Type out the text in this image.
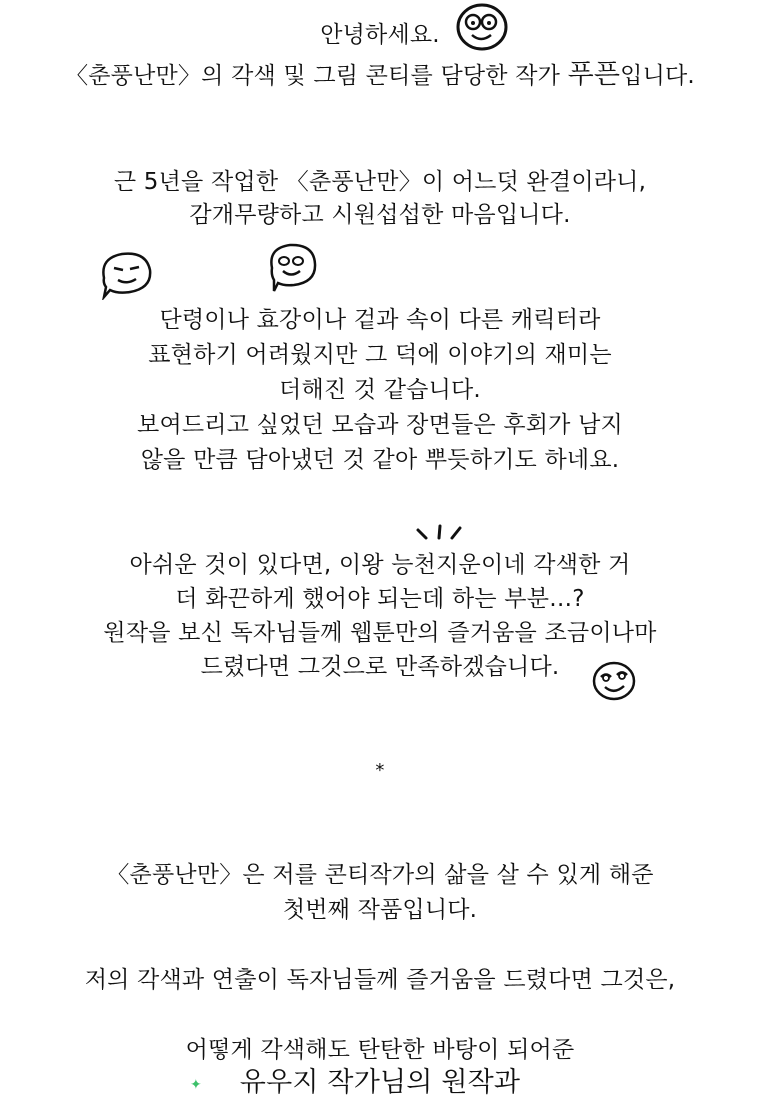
안녕하세요.
〈춘풍난만〉의 각색 및 그림 콘티를 담당한 작가 푸픈입니다.
근 5년을 작업한 〈춘풍난만〉이 어느덧 완결이라니,
감개무량하고 시원섭섭한 마음입니다.
단령이나 효강이나 겉과 속이 다른 캐릭터라
표현하기 어려웠지만 그 덕에 이야기의 재미는
더해진 것 같습니다.
보여드리고 싶었던 모습과 장면들은 후회가 남지
않을 만큼 담아냈던 것 같아 뿌듯하기도 하네요.
아쉬운 것이 있다면, 이왕 능천지운이네 각색한 거
더 화끈하게 했어야 되는데 하는 부분…?
원작을 보신 독자님들께 웹툰만의 즐거움을 조금이나마
드렸다면 그것으로 만족하겠습니다.
*
〈춘풍난만〉은 저를 콘티작가의 삶을 살 수 있게 해준
첫번째 작품입니다.
저의 각색과 연출이 독자님들께 즐거움을 드렸다면 그것은,
어떻게 각색해도 탄탄한 바탕이 되어준
유우지 작가님의 원작과
✦
